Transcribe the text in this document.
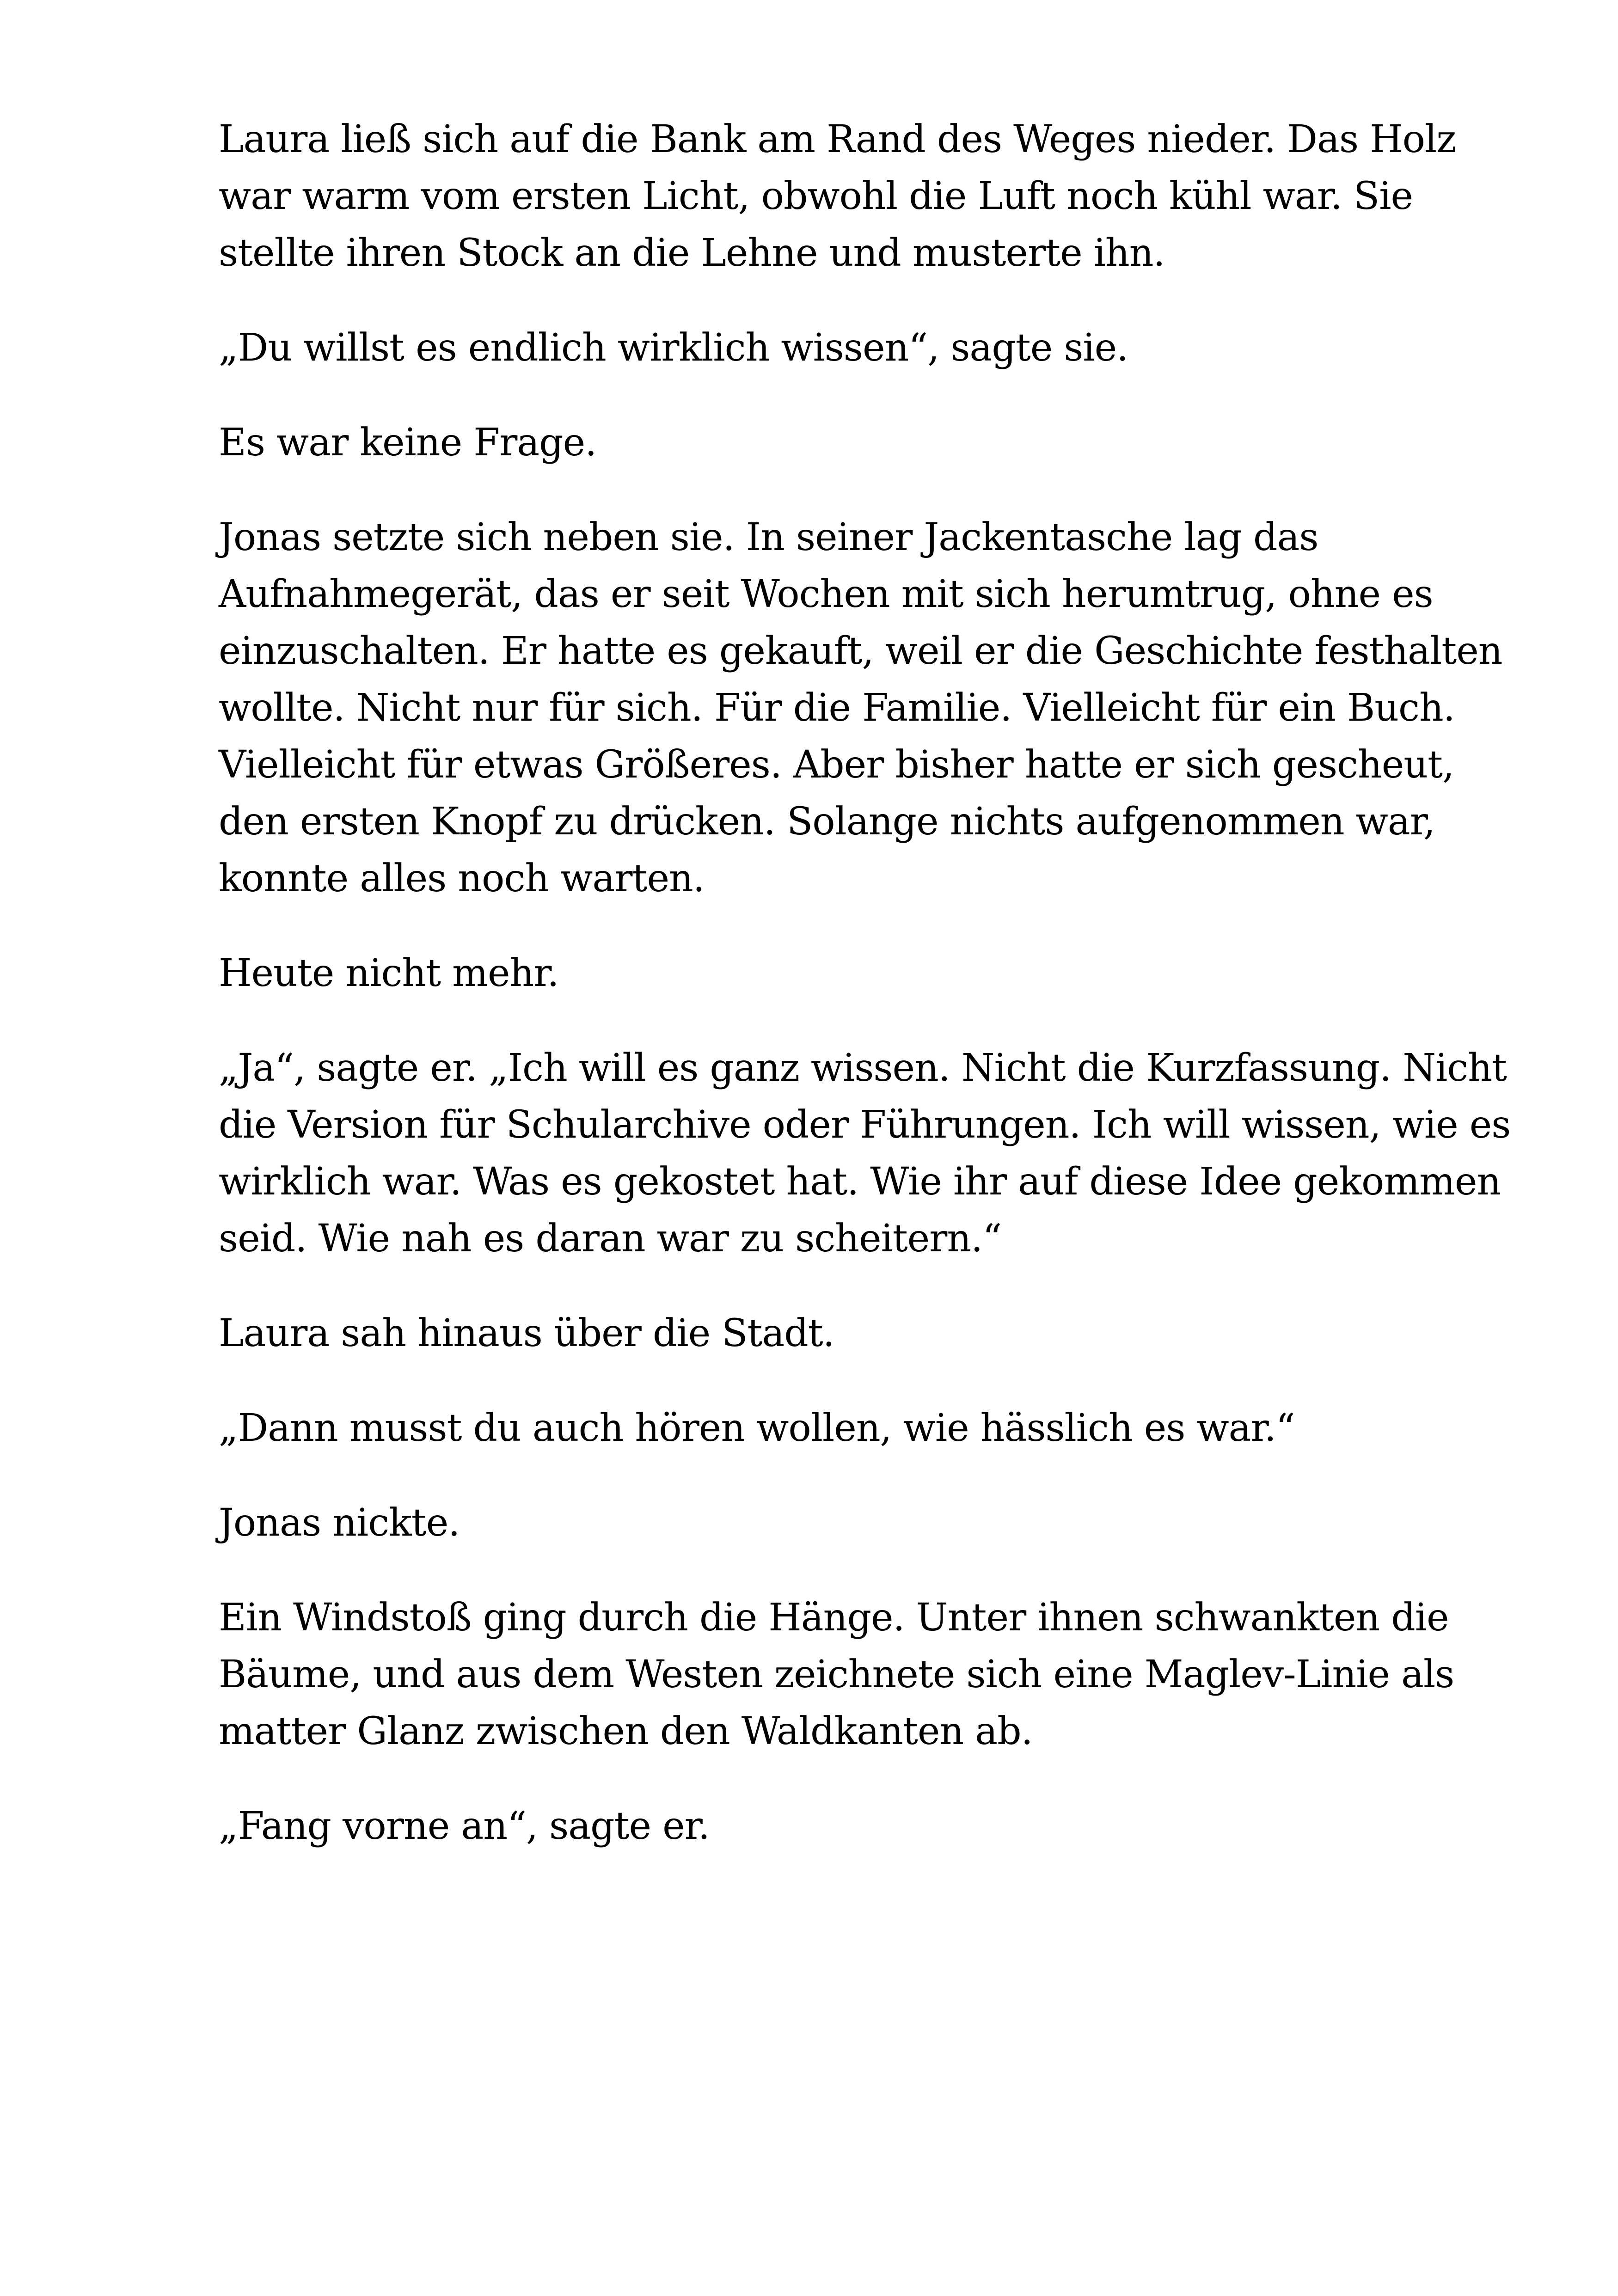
Laura ließ sich auf die Bank am Rand des Weges nieder. Das Holz war warm vom ersten Licht, obwohl die Luft noch kühl war. Sie stellte ihren Stock an die Lehne und musterte ihn.

„Du willst es endlich wirklich wissen“, sagte sie.

Es war keine Frage.

Jonas setzte sich neben sie. In seiner Jackentasche lag das Aufnahmegerät, das er seit Wochen mit sich herumtrug, ohne es einzuschalten. Er hatte es gekauft, weil er die Geschichte festhalten wollte. Nicht nur für sich. Für die Familie. Vielleicht für ein Buch. Vielleicht für etwas Größeres. Aber bisher hatte er sich gescheut, den ersten Knopf zu drücken. Solange nichts aufgenommen war, konnte alles noch warten.

Heute nicht mehr.

„Ja“, sagte er. „Ich will es ganz wissen. Nicht die Kurzfassung. Nicht die Version für Schularchive oder Führungen. Ich will wissen, wie es wirklich war. Was es gekostet hat. Wie ihr auf diese Idee gekommen seid. Wie nah es daran war zu scheitern.“

Laura sah hinaus über die Stadt.

„Dann musst du auch hören wollen, wie hässlich es war.“

Jonas nickte.

Ein Windstoß ging durch die Hänge. Unter ihnen schwankten die Bäume, und aus dem Westen zeichnete sich eine Maglev-Linie als matter Glanz zwischen den Waldkanten ab.

„Fang vorne an“, sagte er.
